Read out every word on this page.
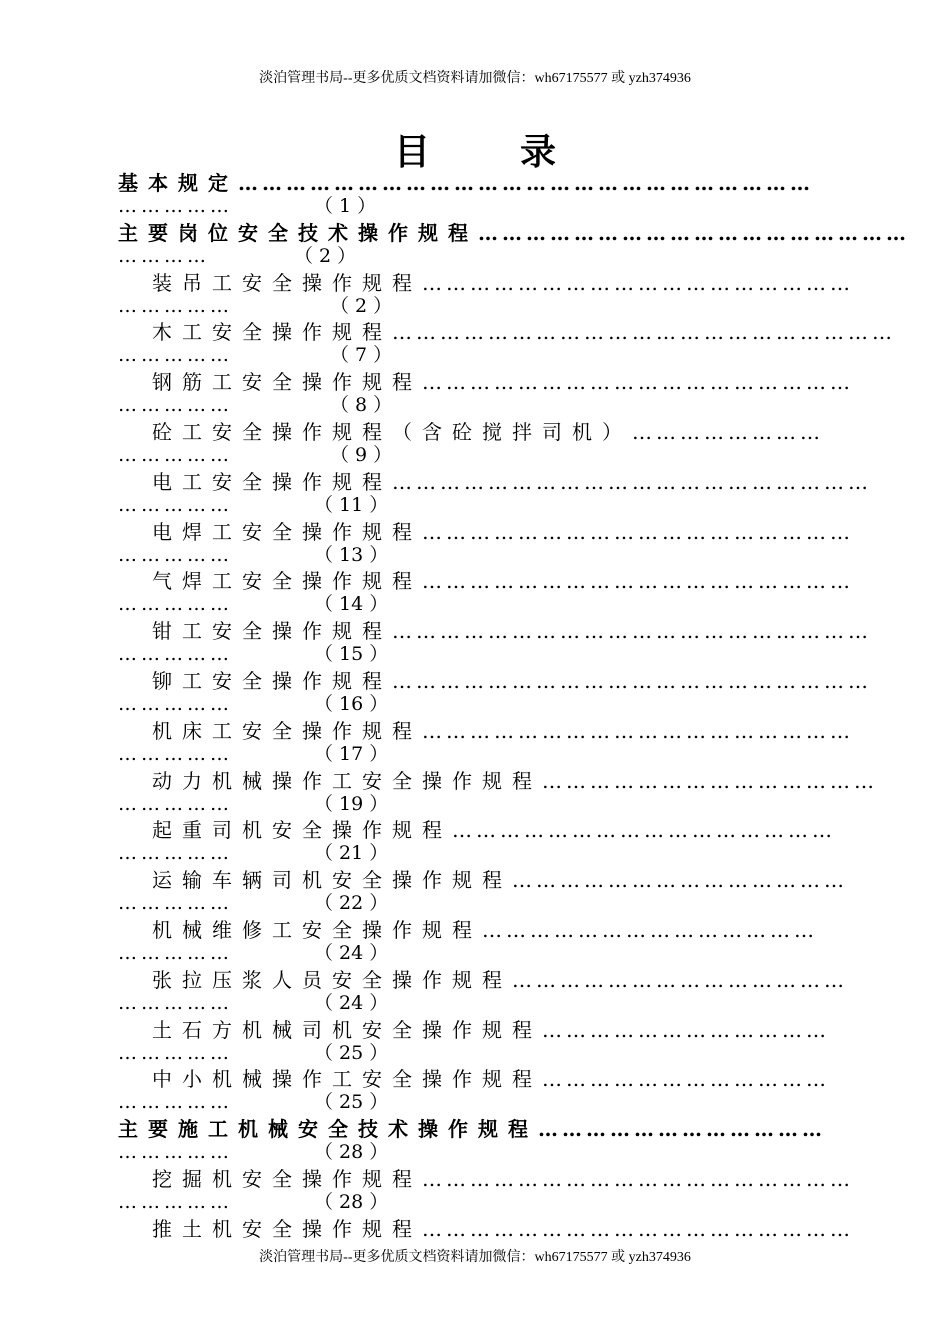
淡泊管理书局--更多优质文档资料请加微信：wh67175577 或 yzh374936
目	录
基本规定………………………………………………………………
……………	（ 1 ）
主要岗位安全技术操作规程………………………………………………
…………	（ 2 ）
装吊工安全操作规程………………………………………………
……………	（ 2 ）
木工安全操作规程………………………………………………………
……………	（ 7 ）
钢筋工安全操作规程………………………………………………
……………	（ 8 ）
砼工安全操作规程（含砼搅拌司机）……………………
……………	（ 9 ）
电工安全操作规程……………………………………………………
……………	（ 11 ）
电焊工安全操作规程………………………………………………
……………	（ 13 ）
气焊工安全操作规程………………………………………………
……………	（ 14 ）
钳工安全操作规程……………………………………………………
……………	（ 15 ）
铆工安全操作规程……………………………………………………
……………	（ 16 ）
机床工安全操作规程………………………………………………
……………	（ 17 ）
动力机械操作工安全操作规程……………………………………
……………	（ 19 ）
起重司机安全操作规程…………………………………………
……………	（ 21 ）
运输车辆司机安全操作规程……………………………………
……………	（ 22 ）
机械维修工安全操作规程……………………………………
……………	（ 24 ）
张拉压浆人员安全操作规程……………………………………
……………	（ 24 ）
土石方机械司机安全操作规程………………………………
……………	（ 25 ）
中小机械操作工安全操作规程………………………………
……………	（ 25 ）
主要施工机械安全技术操作规程………………………………
……………	（ 28 ）
挖掘机安全操作规程………………………………………………
……………	（ 28 ）
推土机安全操作规程………………………………………………
淡泊管理书局--更多优质文档资料请加微信：wh67175577 或 yzh374936
